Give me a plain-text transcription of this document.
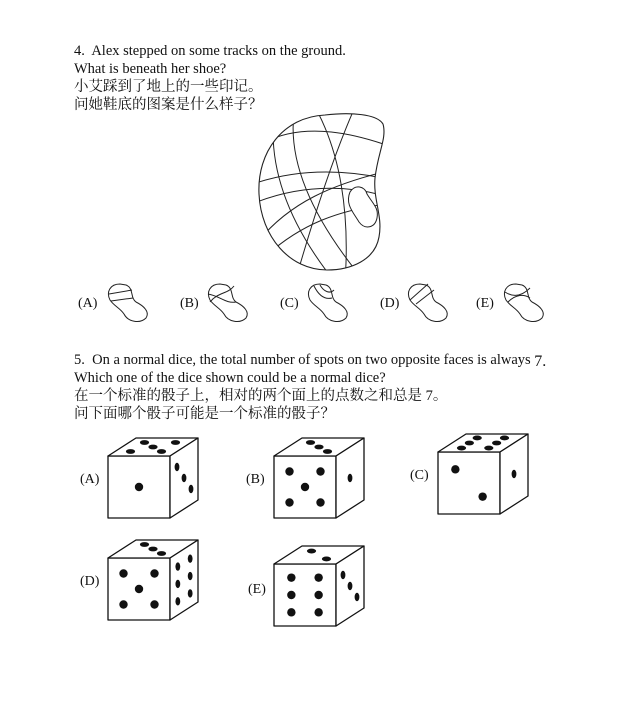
4. Alex stepped on some tracks on the ground.
What is beneath her shoe?
小艾踩到了地上的一些印记。
问她鞋底的图案是什么样子？
(A)	(B)	(C)	(D)	(E)
5. On a normal dice, the total number of spots on two opposite faces is always 7.
Which one of the dice shown could be a normal dice?
在一个标准的骰子上，相对的两个面上的点数之和总是 7。
问下面哪个骰子可能是一个标准的骰子？
(A)	(B)	(C)
(D)
(E)
